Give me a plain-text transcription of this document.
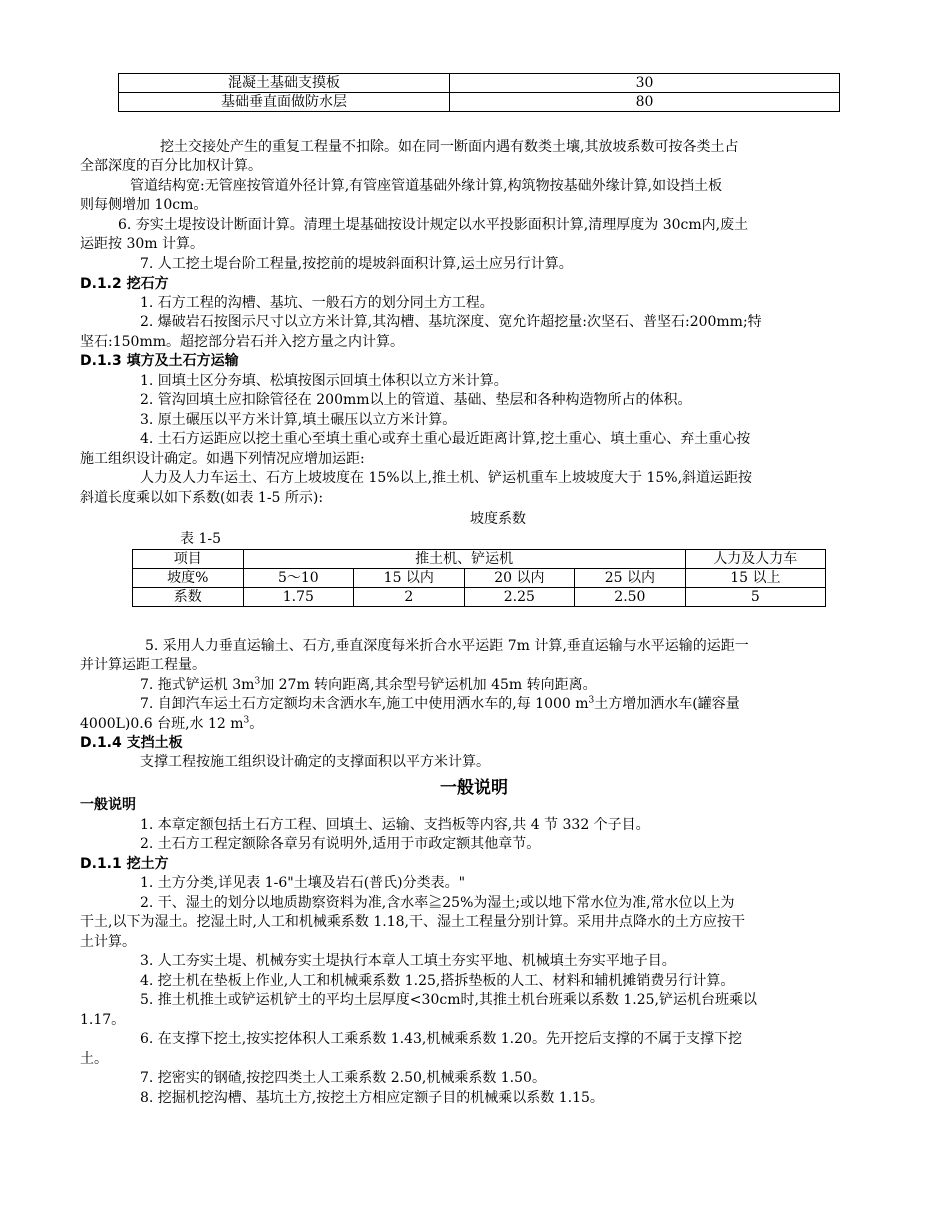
混凝土基础支摸板	30
基础垂直面做防水层	80
挖土交接处产生的重复工程量不扣除。如在同一断面内遇有数类土壤,其放坡系数可按各类土占
全部深度的百分比加权计算。
管道结构宽:无管座按管道外径计算,有管座管道基础外缘计算,构筑物按基础外缘计算,如设挡土板
则每侧增加 10cm。
6. 夯实土堤按设计断面计算。清理土堤基础按设计规定以水平投影面积计算,清理厚度为 30cm内,废土
运距按 30m 计算。
7. 人工挖土堤台阶工程量,按挖前的堤坡斜面积计算,运土应另行计算。
D.1.2 挖石方
1. 石方工程的沟槽、基坑、一般石方的划分同土方工程。
2. 爆破岩石按图示尺寸以立方米计算,其沟槽、基坑深度、宽允许超挖量:次坚石、普坚石:200mm;特
坚石:150mm。超挖部分岩石并入挖方量之内计算。
D.1.3 填方及土石方运输
1. 回填土区分夯填、松填按图示回填土体积以立方米计算。
2. 管沟回填土应扣除管径在 200mm以上的管道、基础、垫层和各种构造物所占的体积。
3. 原土碾压以平方米计算,填土碾压以立方米计算。
4. 土石方运距应以挖土重心至填土重心或弃土重心最近距离计算,挖土重心、填土重心、弃土重心按
施工组织设计确定。如遇下列情况应增加运距:
人力及人力车运土、石方上坡坡度在 15%以上,推土机、铲运机重车上坡坡度大于 15%,斜道运距按
斜道长度乘以如下系数(如表 1-5 所示):
坡度系数
表 1-5
项目	推土机、铲运机				人力及人力车
坡度%	5～10	15 以内	20 以内	25 以内	15 以上
系数	1.75	2	2.25	2.50	5
5. 采用人力垂直运输土、石方,垂直深度每米折合水平运距 7m 计算,垂直运输与水平运输的运距一
并计算运距工程量。
7. 拖式铲运机 $3m^3$加 27m 转向距离,其余型号铲运机加 45m 转向距离。
7. 自卸汽车运土石方定额均未含洒水车,施工中使用洒水车的,每 1000 $m^3$土方增加洒水车(罐容量
4000L)0.6 台班,水 12 $m^3$。
D.1.4 支挡土板
支撑工程按施工组织设计确定的支撑面积以平方米计算。
一般说明
一般说明
1. 本章定额包括土石方工程、回填土、运输、支挡板等内容,共 4 节 332 个子目。
2. 土石方工程定额除各章另有说明外,适用于市政定额其他章节。
D.1.1 挖土方
1. 土方分类,详见表 1-6"土壤及岩石(普氏)分类表。"
2. 干、湿土的划分以地质勘察资料为准,含水率≧25%为湿土;或以地下常水位为准,常水位以上为
干土,以下为湿土。挖湿土时,人工和机械乘系数 1.18,干、湿土工程量分别计算。采用井点降水的土方应按干
土计算。
3. 人工夯实土堤、机械夯实土堤执行本章人工填土夯实平地、机械填土夯实平地子目。
4. 挖土机在垫板上作业,人工和机械乘系数 1.25,搭拆垫板的人工、材料和辅机摊销费另行计算。
5. 推土机推土或铲运机铲土的平均土层厚度<30cm时,其推土机台班乘以系数 1.25,铲运机台班乘以
1.17。
6. 在支撑下挖土,按实挖体积人工乘系数 1.43,机械乘系数 1.20。先开挖后支撑的不属于支撑下挖
土。
7. 挖密实的钢碴,按挖四类土人工乘系数 2.50,机械乘系数 1.50。
8. 挖掘机挖沟槽、基坑土方,按挖土方相应定额子目的机械乘以系数 1.15。
